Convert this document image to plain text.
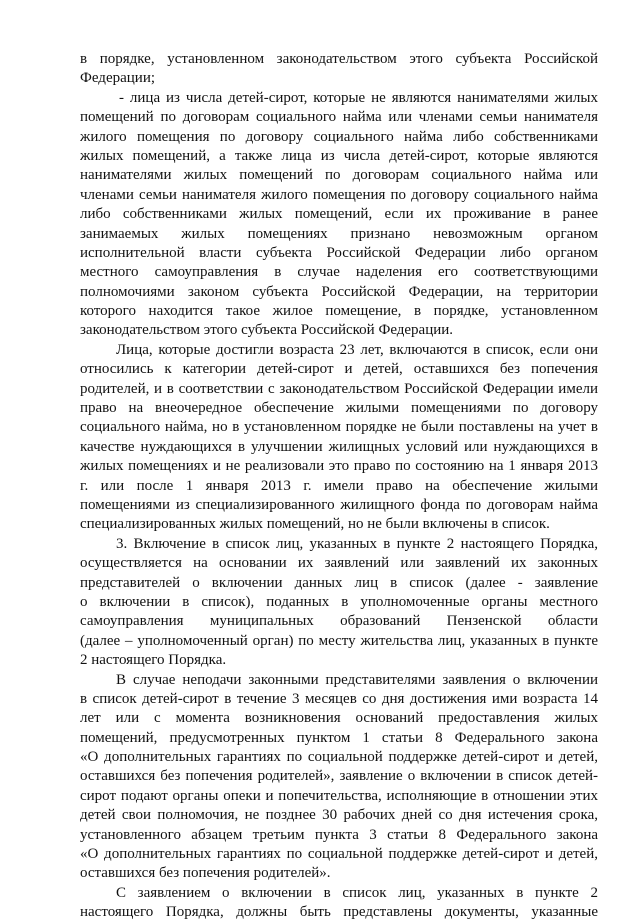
в порядке, установленном законодательством этого субъекта Российской
Федерации;
- лица из числа детей-сирот, которые не являются нанимателями жилых
помещений по договорам социального найма или членами семьи нанимателя
жилого помещения по договору социального найма либо собственниками
жилых помещений, а также лица из числа детей-сирот, которые являются
нанимателями жилых помещений по договорам социального найма или
членами семьи нанимателя жилого помещения по договору социального найма
либо собственниками жилых помещений, если их проживание в ранее
занимаемых жилых помещениях признано невозможным органом
исполнительной власти субъекта Российской Федерации либо органом
местного самоуправления в случае наделения его соответствующими
полномочиями законом субъекта Российской Федерации, на территории
которого находится такое жилое помещение, в порядке, установленном
законодательством этого субъекта Российской Федерации.
Лица, которые достигли возраста 23 лет, включаются в список, если они
относились к категории детей-сирот и детей, оставшихся без попечения
родителей, и в соответствии с законодательством Российской Федерации имели
право на внеочередное обеспечение жилыми помещениями по договору
социального найма, но в установленном порядке не были поставлены на учет в
качестве нуждающихся в улучшении жилищных условий или нуждающихся в
жилых помещениях и не реализовали это право по состоянию на 1 января 2013
г. или после 1 января 2013 г. имели право на обеспечение жилыми
помещениями из специализированного жилищного фонда по договорам найма
специализированных жилых помещений, но не были включены в список.
3. Включение в список лиц, указанных в пункте 2 настоящего Порядка,
осуществляется на основании их заявлений или заявлений их законных
представителей о включении данных лиц в список (далее - заявление
о включении в список), поданных в уполномоченные органы местного
самоуправления муниципальных образований Пензенской области
(далее – уполномоченный орган) по месту жительства лиц, указанных в пункте
2 настоящего Порядка.
В случае неподачи законными представителями заявления о включении
в список детей-сирот в течение 3 месяцев со дня достижения ими возраста 14
лет или с момента возникновения оснований предоставления жилых
помещений, предусмотренных пунктом 1 статьи 8 Федерального закона
«О дополнительных гарантиях по социальной поддержке детей-сирот и детей,
оставшихся без попечения родителей», заявление о включении в список детей-
сирот подают органы опеки и попечительства, исполняющие в отношении этих
детей свои полномочия, не позднее 30 рабочих дней со дня истечения срока,
установленного абзацем третьим пункта 3 статьи 8 Федерального закона
«О дополнительных гарантиях по социальной поддержке детей-сирот и детей,
оставшихся без попечения родителей».
С заявлением о включении в список лиц, указанных в пункте 2
настоящего Порядка, должны быть представлены документы, указанные
